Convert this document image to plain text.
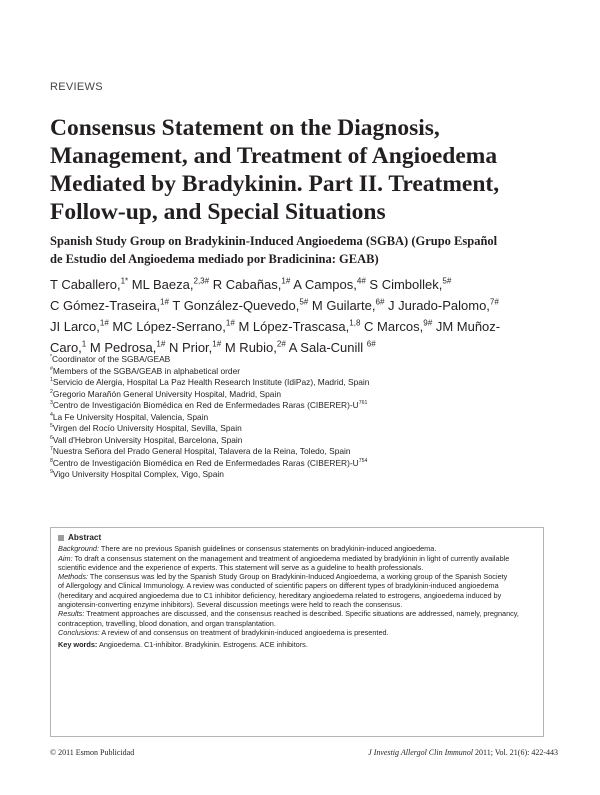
REVIEWS
Consensus Statement on the Diagnosis,
Management, and Treatment of Angioedema
Mediated by Bradykinin. Part II. Treatment,
Follow-up, and Special Situations
Spanish Study Group on Bradykinin-Induced Angioedema (SGBA) (Grupo Español
de Estudio del Angioedema mediado por Bradicinina: GEAB)
T Caballero,$^{1*}$ ML Baeza,$^{2,3\#}$ R Cabañas,$^{1\#}$ A Campos,$^{4\#}$ S Cimbollek,$^{5\#}$
C Gómez-Traseira,$^{1\#}$ T González-Quevedo,$^{5\#}$ M Guilarte,$^{6\#}$ J Jurado-Palomo,$^{7\#}$
JI Larco,$^{1\#}$ MC López-Serrano,$^{1\#}$ M López-Trascasa,$^{1,8}$ C Marcos,$^{9\#}$ JM Muñoz-
Caro,$^1$ M Pedrosa,$^{1\#}$ N Prior,$^{1\#}$ M Rubio,$^{2\#}$ A Sala-Cunill $^{6\#}$
*Coordinator of the SGBA/GEAB
#Members of the SGBA/GEAB in alphabetical order
$^1$Servicio de Alergia, Hospital La Paz Health Research Institute (IdiPaz), Madrid, Spain
$^2$Gregorio Marañón General University Hospital, Madrid, Spain
$^3$Centro de Investigación Biomédica en Red de Enfermedades Raras $(CIBERER)-U^{761}$
$^4$La Fe University Hospital, Valencia, Spain
$^5$Virgen del Rocío University Hospital, Sevilla, Spain
$^6$Vall d'Hebron University Hospital, Barcelona, Spain
$^7$Nuestra Señora del Prado General Hospital, Talavera de la Reina, Toledo, Spain
$^8$Centro de Investigación Biomédica en Red de Enfermedades Raras $(CIBERER)-U^{754}$
$^9$Vigo University Hospital Complex, Vigo, Spain
Abstract
Background: There are no previous Spanish guidelines or consensus statements on bradykinin-induced angioedema.
Aim: To draft a consensus statement on the management and treatment of angioedema mediated by bradykinin in light of currently available
scientific evidence and the experience of experts. This statement will serve as a guideline to health professionals.
Methods: The consensus was led by the Spanish Study Group on Bradykinin-Induced Angioedema, a working group of the Spanish Society
of Allergology and Clinical Immunology. A review was conducted of scientific papers on different types of bradykinin-induced angioedema
(hereditary and acquired angioedema due to C1 inhibitor deficiency, hereditary angioedema related to estrogens, angioedema induced by
angiotensin-converting enzyme inhibitors). Several discussion meetings were held to reach the consensus.
Results: Treatment approaches are discussed, and the consensus reached is described. Specific situations are addressed, namely, pregnancy,
contraception, travelling, blood donation, and organ transplantation.
Conclusions: A review of and consensus on treatment of bradykinin-induced angioedema is presented.
Key words: Angioedema. C1-inhibitor. Bradykinin. Estrogens. ACE inhibitors.
© 2011 Esmon Publicidad	J Investig Allergol Clin Immunol 2011; Vol. 21(6): 422-443
